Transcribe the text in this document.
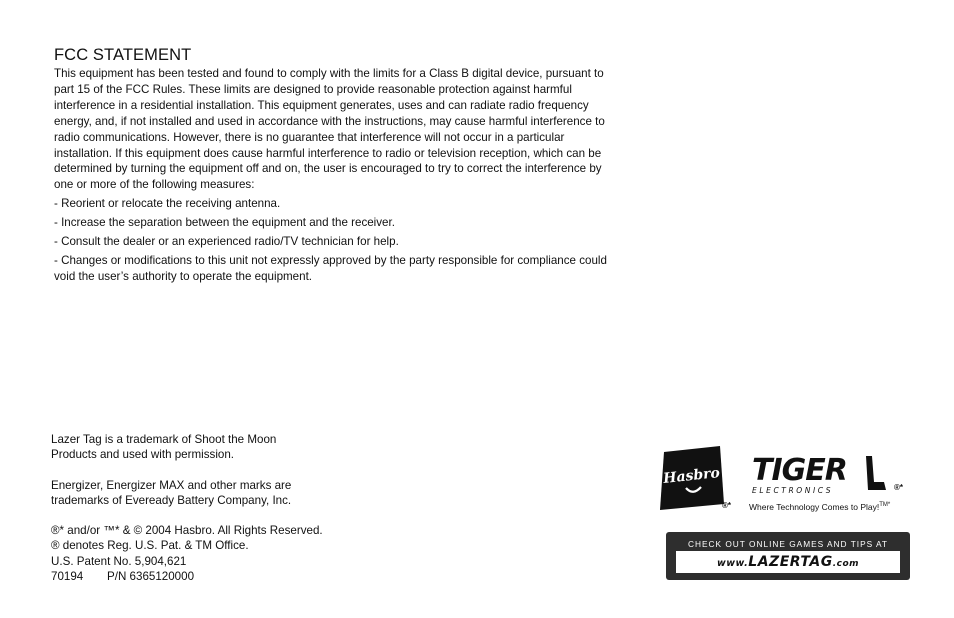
FCC STATEMENT

This equipment has been tested and found to comply with the limits for a Class B digital device, pursuant to part 15 of the FCC Rules. These limits are designed to provide reasonable protection against harmful interference in a residential installation. This equipment generates, uses and can radiate radio frequency energy, and, if not installed and used in accordance with the instructions, may cause harmful interference to radio communications. However, there is no guarantee that interference will not occur in a particular installation. If this equipment does cause harmful interference to radio or television reception, which can be determined by turning the equipment off and on, the user is encouraged to try to correct the interference by one or more of the following measures:

- Reorient or relocate the receiving antenna.

- Increase the separation between the equipment and the receiver.

- Consult the dealer or an experienced radio/TV technician for help.

- Changes or modifications to this unit not expressly approved by the party responsible for compliance could void the user’s authority to operate the equipment.

Lazer Tag is a trademark of Shoot the Moon
Products and used with permission.

Energizer, Energizer MAX and other marks are
trademarks of Eveready Battery Company, Inc.

®* and/or ™* & © 2004 Hasbro. All Rights Reserved.
® denotes Reg. U.S. Pat. & TM Office.
U.S. Patent No. 5,904,621
70194 P/N 6365120000

Hasbro
®*
TIGER
ELECTRONICS	®*
Where Technology Comes to Play!$^{TM*}$
CHECK OUT ONLINE GAMES AND TIPS AT
www.LAZERTAG.com
